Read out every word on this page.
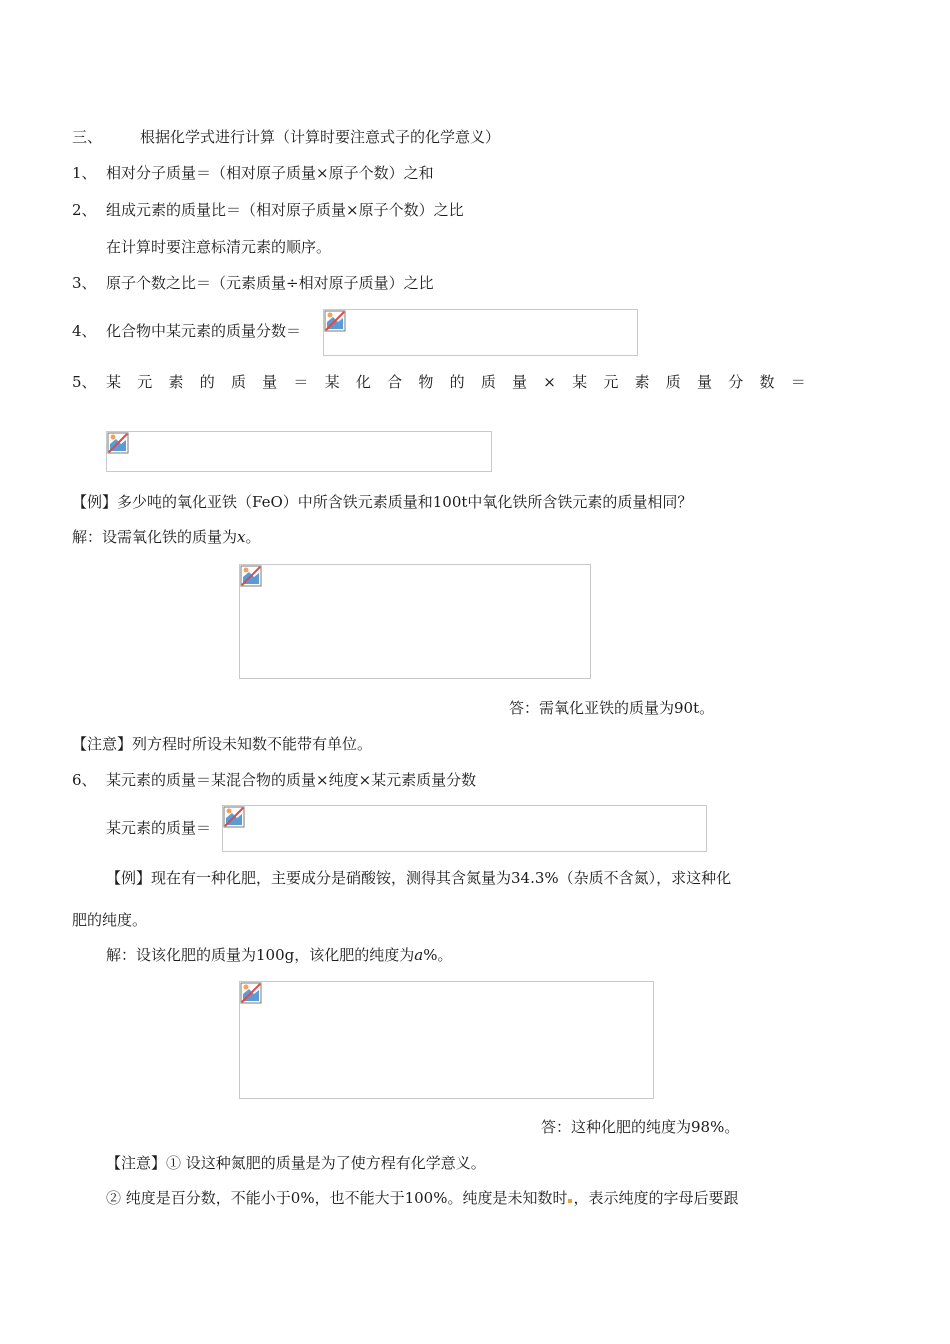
三、	根据化学式进行计算（计算时要注意式子的化学意义）
1、 相对分子质量＝（相对原子质量×原子个数）之和
2、 组成元素的质量比＝（相对原子质量×原子个数）之比
在计算时要注意标清元素的顺序。
3、 原子个数之比＝（元素质量÷相对原子质量）之比
4、 化合物中某元素的质量分数＝
5、 某 元 素 的 质 量 ＝ 某 化 合 物 的 质 量 × 某 元 素 质 量 分 数 ＝
【例】多少吨的氧化亚铁（FeO）中所含铁元素质量和100t中氧化铁所含铁元素的质量相同？
解：设需氧化铁的质量为x。
答：需氧化亚铁的质量为90t。
【注意】列方程时所设未知数不能带有单位。
6、 某元素的质量＝某混合物的质量×纯度×某元素质量分数
某元素的质量＝
【例】现在有一种化肥，主要成分是硝酸铵，测得其含氮量为34.3%（杂质不含氮），求这种化
肥的纯度。
解：设该化肥的质量为100g，该化肥的纯度为a%。
答：这种化肥的纯度为98%。
【注意】① 设这种氮肥的质量是为了使方程有化学意义。
② 纯度是百分数，不能小于0%，也不能大于100%。纯度是未知数时 ，表示纯度的字母后要跟
